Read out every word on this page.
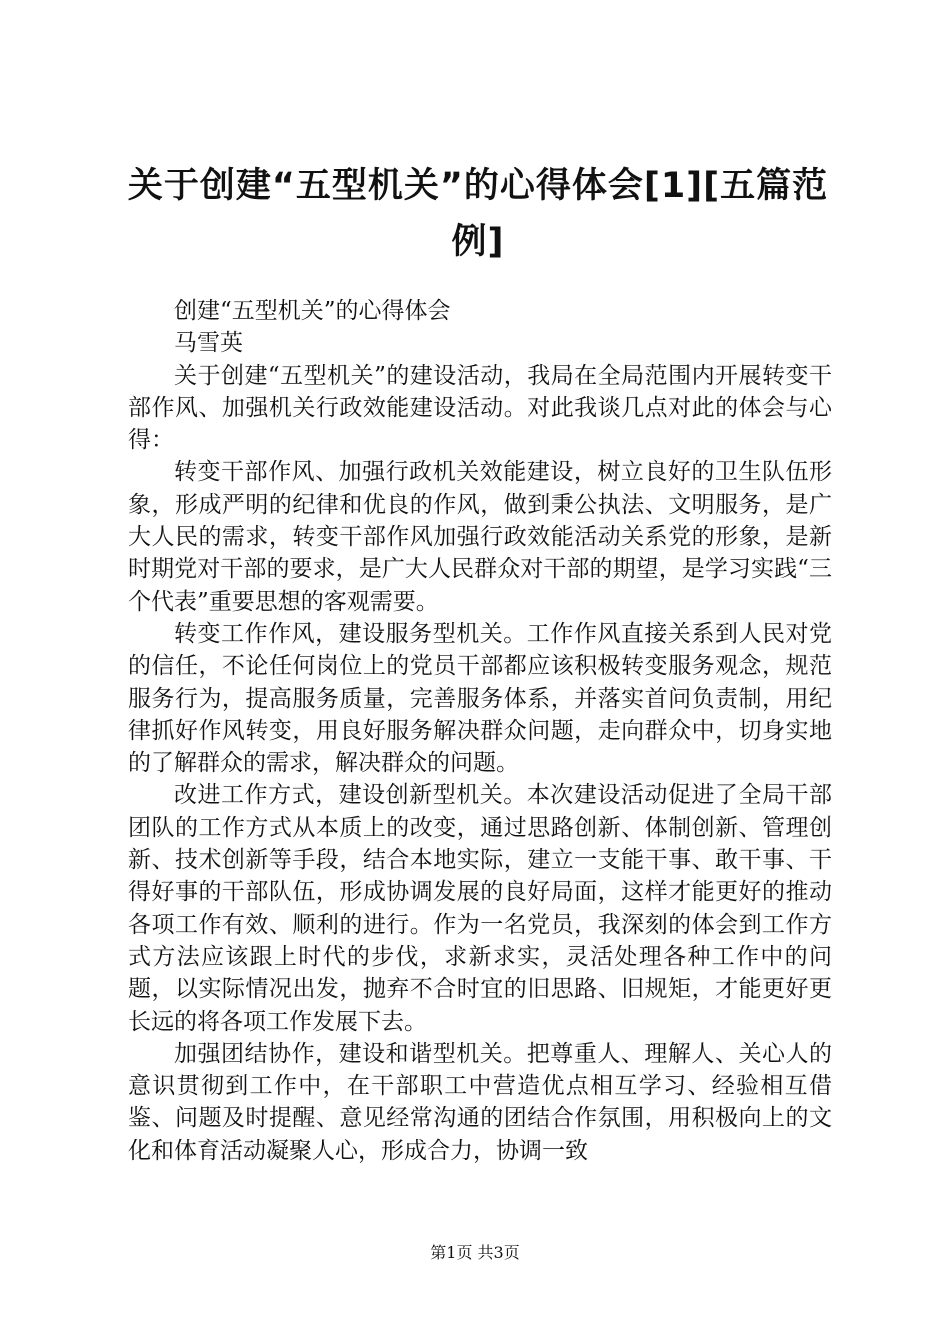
关于创建“五型机关”的心得体会[1][五篇范例]

创建“五型机关”的心得体会

马雪英

关于创建“五型机关”的建设活动，我局在全局范围内开展转变干部作风、加强机关行政效能建设活动。对此我谈几点对此的体会与心得：

转变干部作风、加强行政机关效能建设，树立良好的卫生队伍形象，形成严明的纪律和优良的作风，做到秉公执法、文明服务，是广大人民的需求，转变干部作风加强行政效能活动关系党的形象，是新时期党对干部的要求，是广大人民群众对干部的期望，是学习实践“三个代表”重要思想的客观需要。

转变工作作风，建设服务型机关。工作作风直接关系到人民对党的信任，不论任何岗位上的党员干部都应该积极转变服务观念，规范服务行为，提高服务质量，完善服务体系，并落实首问负责制，用纪律抓好作风转变，用良好服务解决群众问题，走向群众中，切身实地的了解群众的需求，解决群众的问题。

改进工作方式，建设创新型机关。本次建设活动促进了全局干部团队的工作方式从本质上的改变，通过思路创新、体制创新、管理创新、技术创新等手段，结合本地实际，建立一支能干事、敢干事、干得好事的干部队伍，形成协调发展的良好局面，这样才能更好的推动各项工作有效、顺利的进行。作为一名党员，我深刻的体会到工作方式方法应该跟上时代的步伐，求新求实，灵活处理各种工作中的问题，以实际情况出发，抛弃不合时宜的旧思路、旧规矩，才能更好更长远的将各项工作发展下去。

加强团结协作，建设和谐型机关。把尊重人、理解人、关心人的意识贯彻到工作中，在干部职工中营造优点相互学习、经验相互借鉴、问题及时提醒、意见经常沟通的团结合作氛围，用积极向上的文化和体育活动凝聚人心，形成合力，协调一致

第1页 共3页
